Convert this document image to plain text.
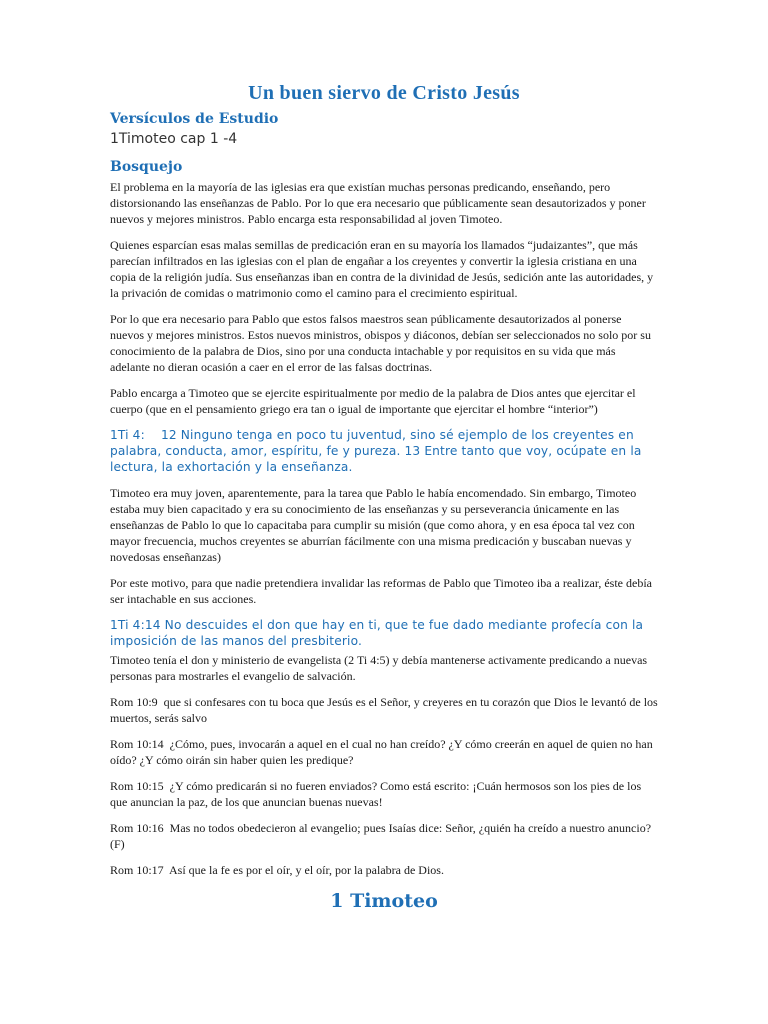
Un buen siervo de Cristo Jesús
Versículos de Estudio
1Timoteo cap 1 -4
Bosquejo

El problema en la mayoría de las iglesias era que existían muchas personas predicando, enseñando, pero distorsionando las enseñanzas de Pablo. Por lo que era necesario que públicamente sean desautorizados y poner nuevos y mejores ministros. Pablo encarga esta responsabilidad al joven Timoteo.

Quienes esparcían esas malas semillas de predicación eran en su mayoría los llamados “judaizantes”, que más parecían infiltrados en las iglesias con el plan de engañar a los creyentes y convertir la iglesia cristiana en una copia de la religión judía. Sus enseñanzas iban en contra de la divinidad de Jesús, sedición ante las autoridades, y la privación de comidas o matrimonio como el camino para el crecimiento espiritual.

Por lo que era necesario para Pablo que estos falsos maestros sean públicamente desautorizados al ponerse nuevos y mejores ministros. Estos nuevos ministros, obispos y diáconos, debían ser seleccionados no solo por su conocimiento de la palabra de Dios, sino por una conducta intachable y por requisitos en su vida que más adelante no dieran ocasión a caer en el error de las falsas doctrinas.

Pablo encarga a Timoteo que se ejercite espiritualmente por medio de la palabra de Dios antes que ejercitar el cuerpo (que en el pensamiento griego era tan o igual de importante que ejercitar el hombre “interior”)

1Ti 4:    12 Ninguno tenga en poco tu juventud, sino sé ejemplo de los creyentes en palabra, conducta, amor, espíritu, fe y pureza. 13 Entre tanto que voy, ocúpate en la lectura, la exhortación y la enseñanza.

Timoteo era muy joven, aparentemente, para la tarea que Pablo le había encomendado. Sin embargo, Timoteo estaba muy bien capacitado y era su conocimiento de las enseñanzas y su perseverancia únicamente en las enseñanzas de Pablo lo que lo capacitaba para cumplir su misión (que como ahora, y en esa época tal vez con mayor frecuencia, muchos creyentes se aburrían fácilmente con una misma predicación y buscaban nuevas y novedosas enseñanzas)

Por este motivo, para que nadie pretendiera invalidar las reformas de Pablo que Timoteo iba a realizar, éste debía ser intachable en sus acciones.

1Ti 4:14 No descuides el don que hay en ti, que te fue dado mediante profecía con la imposición de las manos del presbiterio.

Timoteo tenía el don y ministerio de evangelista (2 Ti 4:5) y debía mantenerse activamente predicando a nuevas personas para mostrarles el evangelio de salvación.

Rom 10:9  que si confesares con tu boca que Jesús es el Señor, y creyeres en tu corazón que Dios le levantó de los muertos, serás salvo

Rom 10:14  ¿Cómo, pues, invocarán a aquel en el cual no han creído? ¿Y cómo creerán en aquel de quien no han oído? ¿Y cómo oirán sin haber quien les predique?

Rom 10:15  ¿Y cómo predicarán si no fueren enviados? Como está escrito: ¡Cuán hermosos son los pies de los que anuncian la paz, de los que anuncian buenas nuevas!

Rom 10:16  Mas no todos obedecieron al evangelio; pues Isaías dice: Señor, ¿quién ha creído a nuestro anuncio?(F)

Rom 10:17  Así que la fe es por el oír, y el oír, por la palabra de Dios.

1 Timoteo
